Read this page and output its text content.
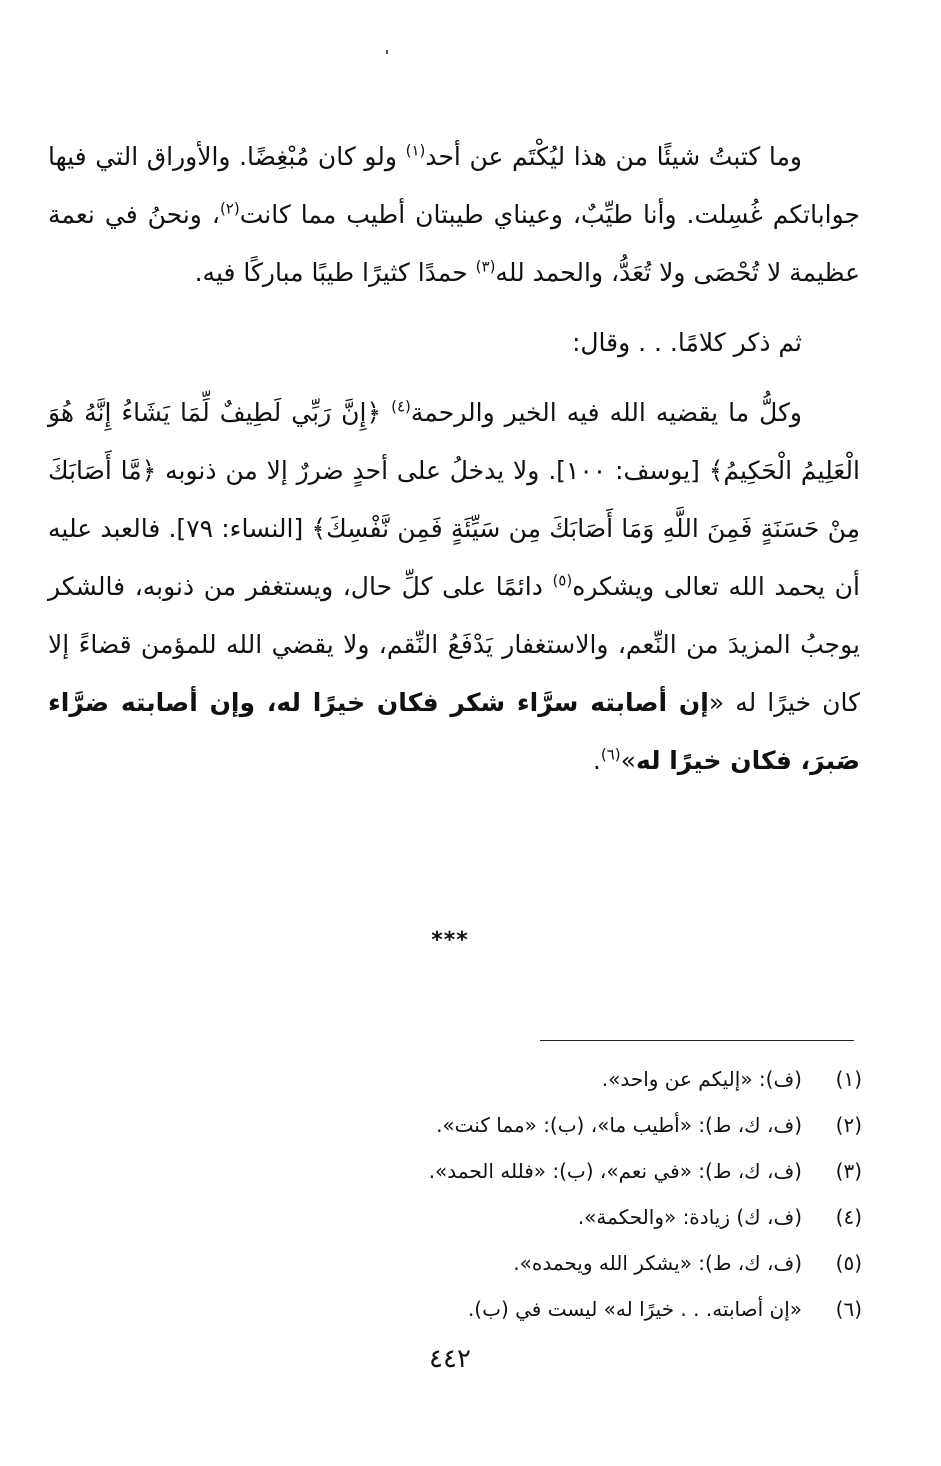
وما كتبتُ شيئًا من هذا ليُكْتَم عن أحد$^{(١)}$ ولو كان مُبْغِضًا. والأوراق التي فيها جواباتكم غُسِلت. وأنا طيِّبٌ، وعيناي طيبتان أطيب مما كانت$^{(٢)}$، ونحنُ في نعمة عظيمة لا تُحْصَى ولا تُعَدُّ، والحمد لله$^{(٣)}$ حمدًا كثيرًا طيبًا مباركًا فيه.

ثم ذكر كلامًا. . . وقال:

وكلُّ ما يقضيه الله فيه الخير والرحمة$^{(٤)}$ ﴿إِنَّ رَبِّي لَطِيفٌ لِّمَا يَشَاءُ إِنَّهُ هُوَ الْعَلِيمُ الْحَكِيمُ﴾ [يوسف: ١٠٠]. ولا يدخلُ على أحدٍ ضررٌ إلا من ذنوبه ﴿مَّا أَصَابَكَ مِنْ حَسَنَةٍ فَمِنَ اللَّهِ وَمَا أَصَابَكَ مِن سَيِّئَةٍ فَمِن نَّفْسِكَ﴾ [النساء: ٧٩]. فالعبد عليه أن يحمد الله تعالى ويشكره$^{(٥)}$ دائمًا على كلِّ حال، ويستغفر من ذنوبه، فالشكر يوجبُ المزيدَ من النِّعم، والاستغفار يَدْفَعُ النِّقم، ولا يقضي الله للمؤمن قضاءً إلا كان خيرًا له «إن أصابته سرَّاء شكر فكان خيرًا له، وإن أصابته ضرَّاء صَبرَ، فكان خيرًا له»$^{(٦)}$.

***
(١)
(ف): «إليكم عن واحد».
(٢)
(ف، ك، ط): «أطيب ما»، (ب): «مما كنت».
(٣)
(ف، ك، ط): «في نعم»، (ب): «فلله الحمد».
(٤)
(ف، ك) زيادة: «والحكمة».
(٥)
(ف، ك، ط): «يشكر الله ويحمده».
(٦)
«إن أصابته. . . خيرًا له» ليست في (ب).
٤٤٢
